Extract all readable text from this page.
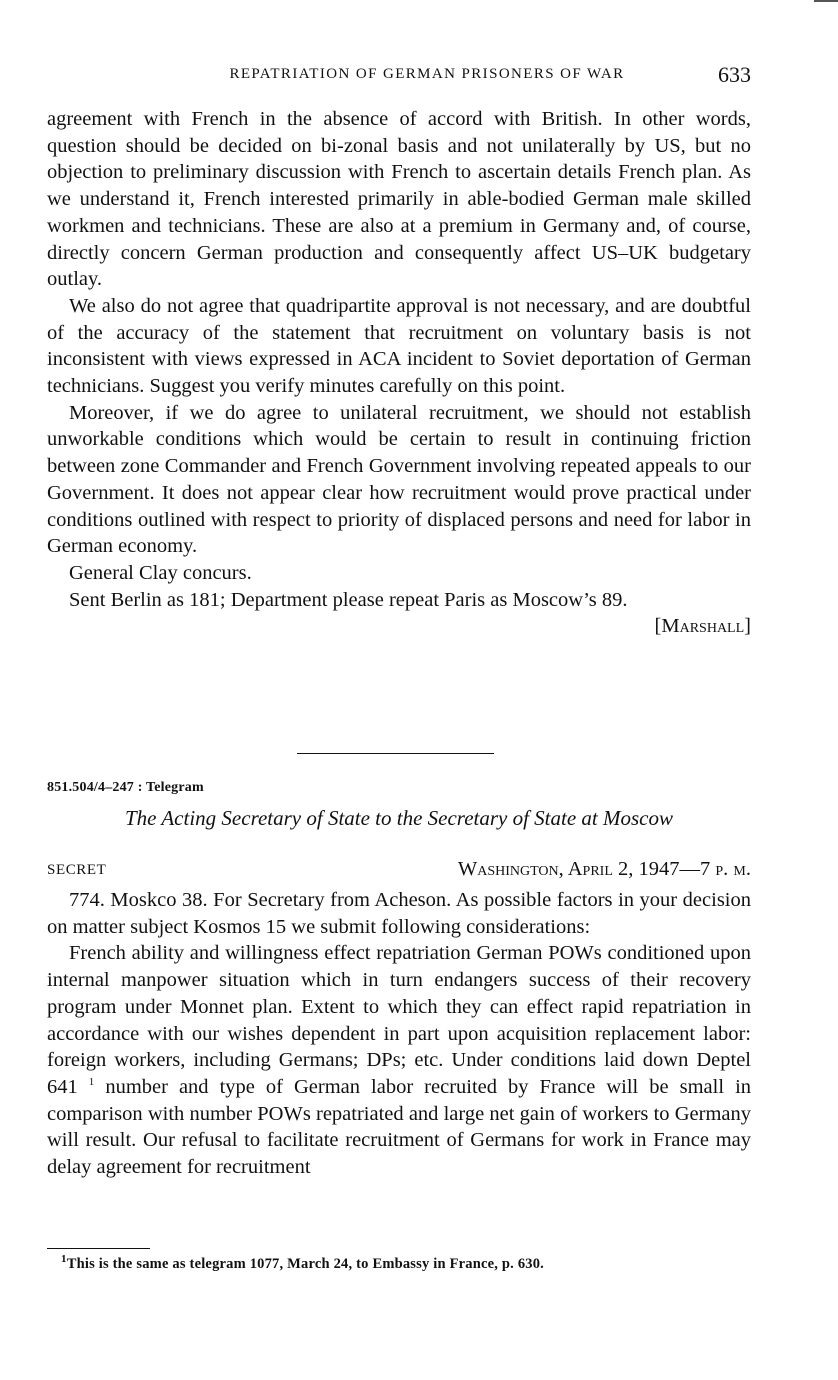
REPATRIATION OF GERMAN PRISONERS OF WAR	633

agreement with French in the absence of accord with British. In other words, question should be decided on bi-zonal basis and not unilaterally by US, but no objection to preliminary discussion with French to ascertain details French plan. As we understand it, French interested primarily in able-bodied German male skilled workmen and technicians. These are also at a premium in Germany and, of course, directly concern German production and consequently affect US–UK budgetary outlay.

We also do not agree that quadripartite approval is not necessary, and are doubtful of the accuracy of the statement that recruitment on voluntary basis is not inconsistent with views expressed in ACA incident to Soviet deportation of German technicians. Suggest you verify minutes carefully on this point.

Moreover, if we do agree to unilateral recruitment, we should not establish unworkable conditions which would be certain to result in continuing friction between zone Commander and French Government involving repeated appeals to our Government. It does not appear clear how recruitment would prove practical under conditions outlined with respect to priority of displaced persons and need for labor in German economy.

General Clay concurs.

Sent Berlin as 181; Department please repeat Paris as Moscow’s 89.

[Marshall]

851.504/4–247 : Telegram
The Acting Secretary of State to the Secretary of State at Moscow
SECRET	Washington, April 2, 1947—7 p. m.

774. Moskco 38. For Secretary from Acheson. As possible factors in your decision on matter subject Kosmos 15 we submit following considerations:

French ability and willingness effect repatriation German POWs conditioned upon internal manpower situation which in turn endangers success of their recovery program under Monnet plan. Extent to which they can effect rapid repatriation in accordance with our wishes dependent in part upon acquisition replacement labor: foreign workers, including Germans; DPs; etc. Under conditions laid down Deptel 641 $^1$ number and type of German labor recruited by France will be small in comparison with number POWs repatriated and large net gain of workers to Germany will result. Our refusal to facilitate recruitment of Germans for work in France may delay agreement for recruitment

$^1$This is the same as telegram 1077, March 24, to Embassy in France, p. 630.
